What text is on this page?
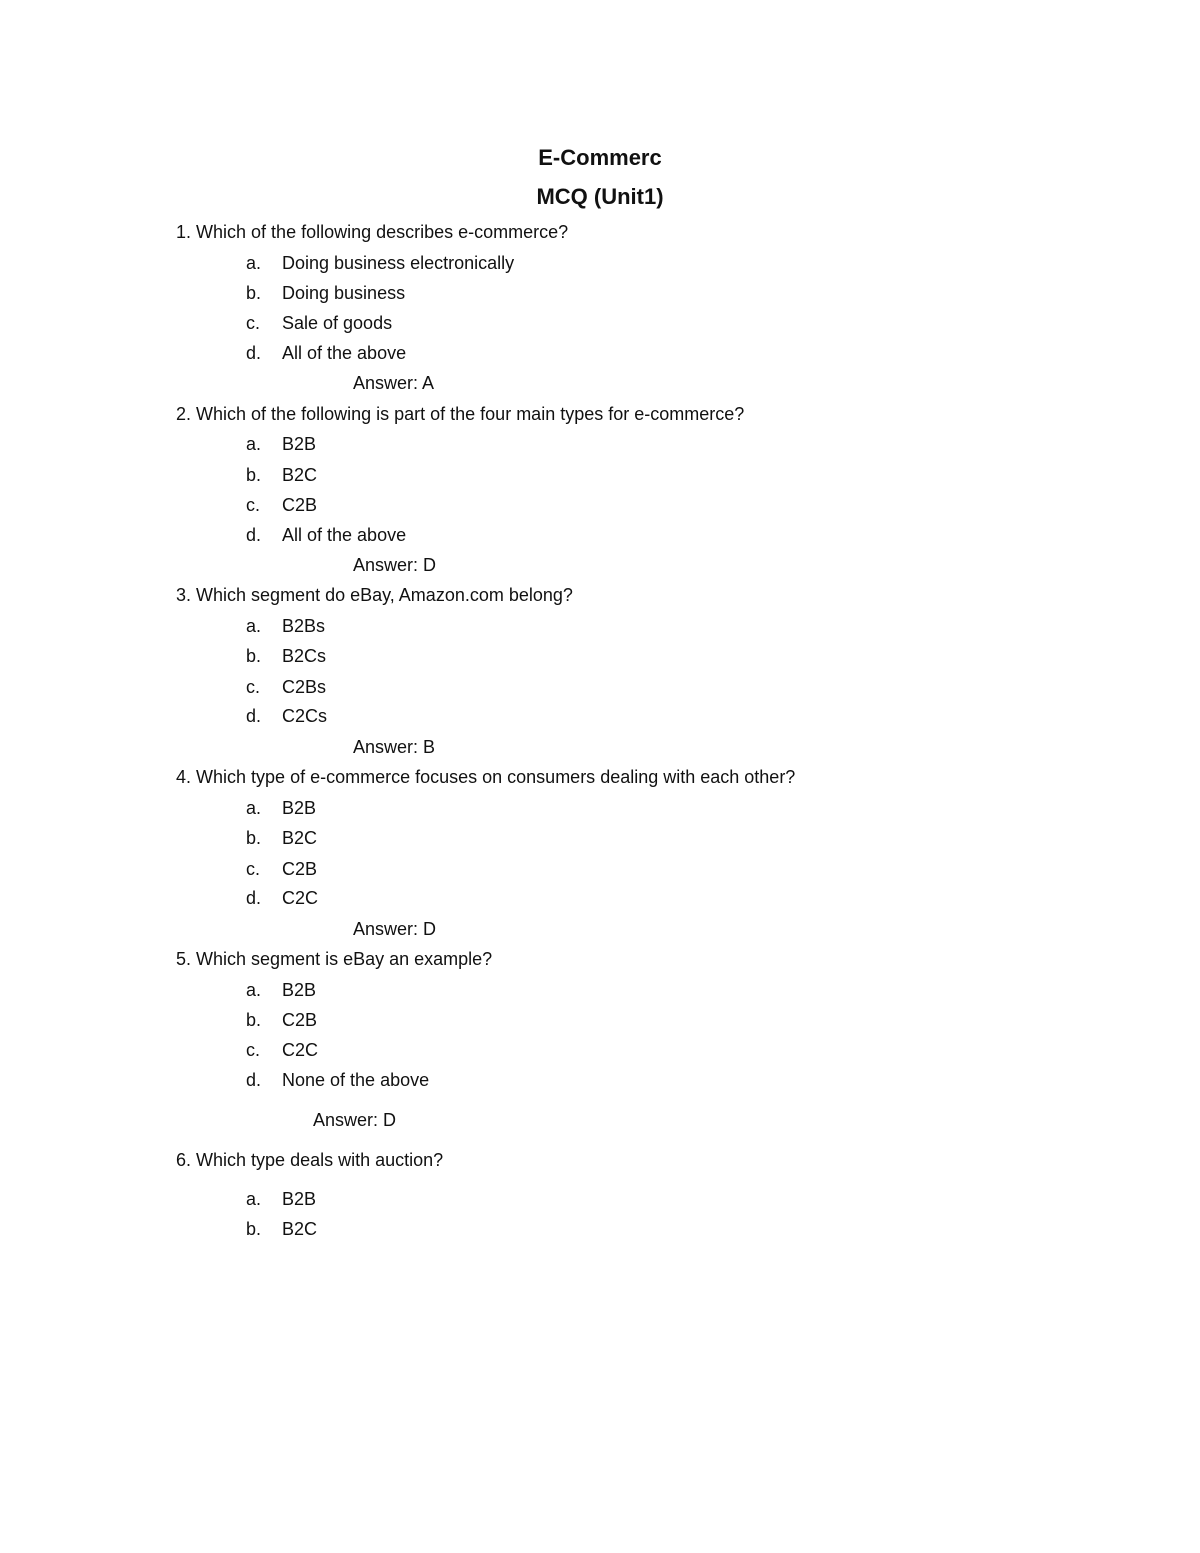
E-Commerc
MCQ (Unit1)
1. Which of the following describes e-commerce?
a. Doing business electronically
b. Doing business
c. Sale of goods
d. All of the above
Answer: A
2. Which of the following is part of the four main types for e-commerce?
a. B2B
b. B2C
c. C2B
d. All of the above
Answer: D
3. Which segment do eBay, Amazon.com belong?
a. B2Bs
b. B2Cs
c. C2Bs
d. C2Cs
Answer: B
4. Which type of e-commerce focuses on consumers dealing with each other?
a. B2B
b. B2C
c. C2B
d. C2C
Answer: D
5. Which segment is eBay an example?
a. B2B
b. C2B
c. C2C
d. None of the above
Answer: D
6. Which type deals with auction?
a. B2B
b. B2C
